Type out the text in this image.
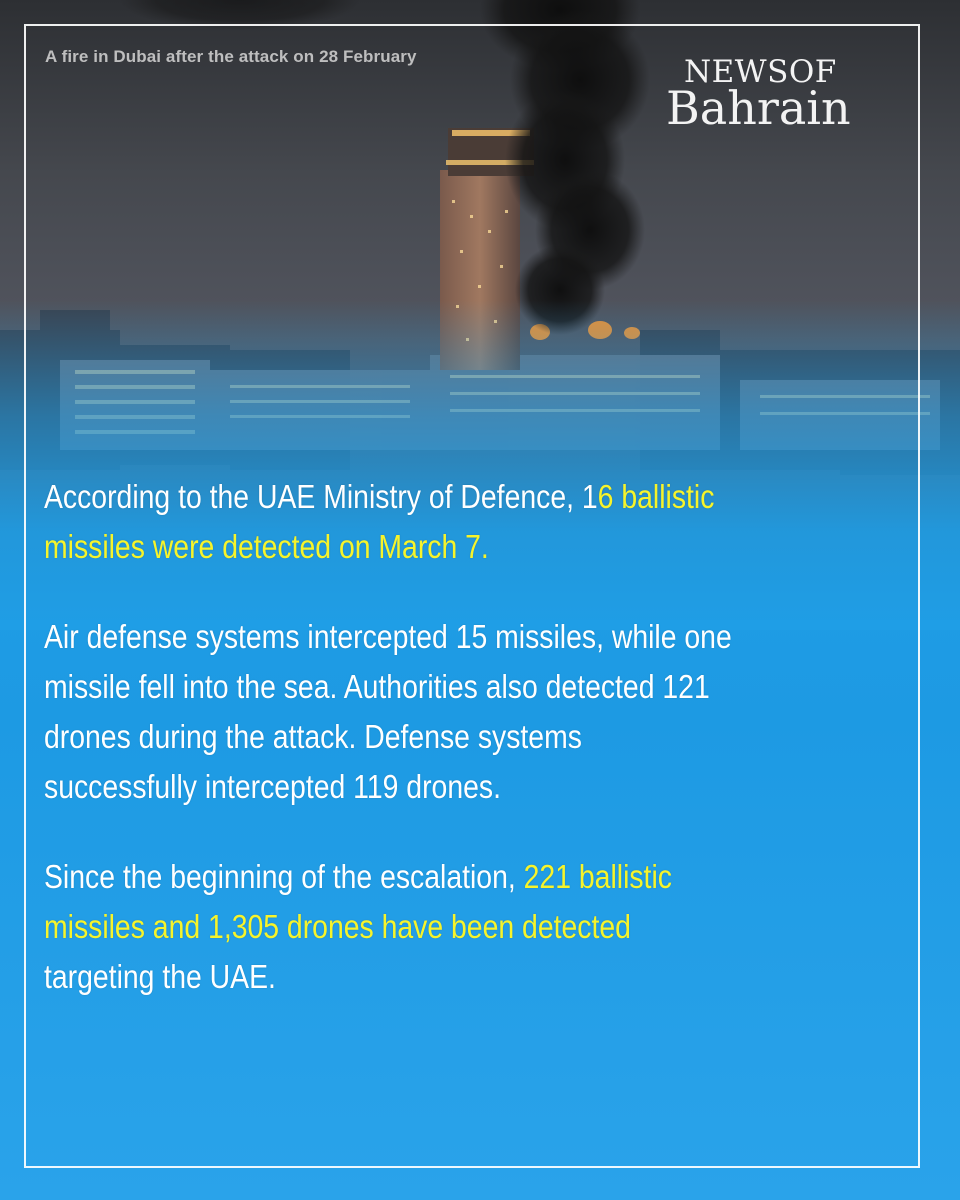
A fire in Dubai after the attack on 28 February	NEWSOF
Bahrain

According to the UAE Ministry of Defence, 16 ballistic
missiles were detected on March 7.

Air defense systems intercepted 15 missiles, while one
missile fell into the sea. Authorities also detected 121
drones during the attack. Defense systems
successfully intercepted 119 drones.

Since the beginning of the escalation, 221 ballistic
missiles and 1,305 drones have been detected
targeting the UAE.
